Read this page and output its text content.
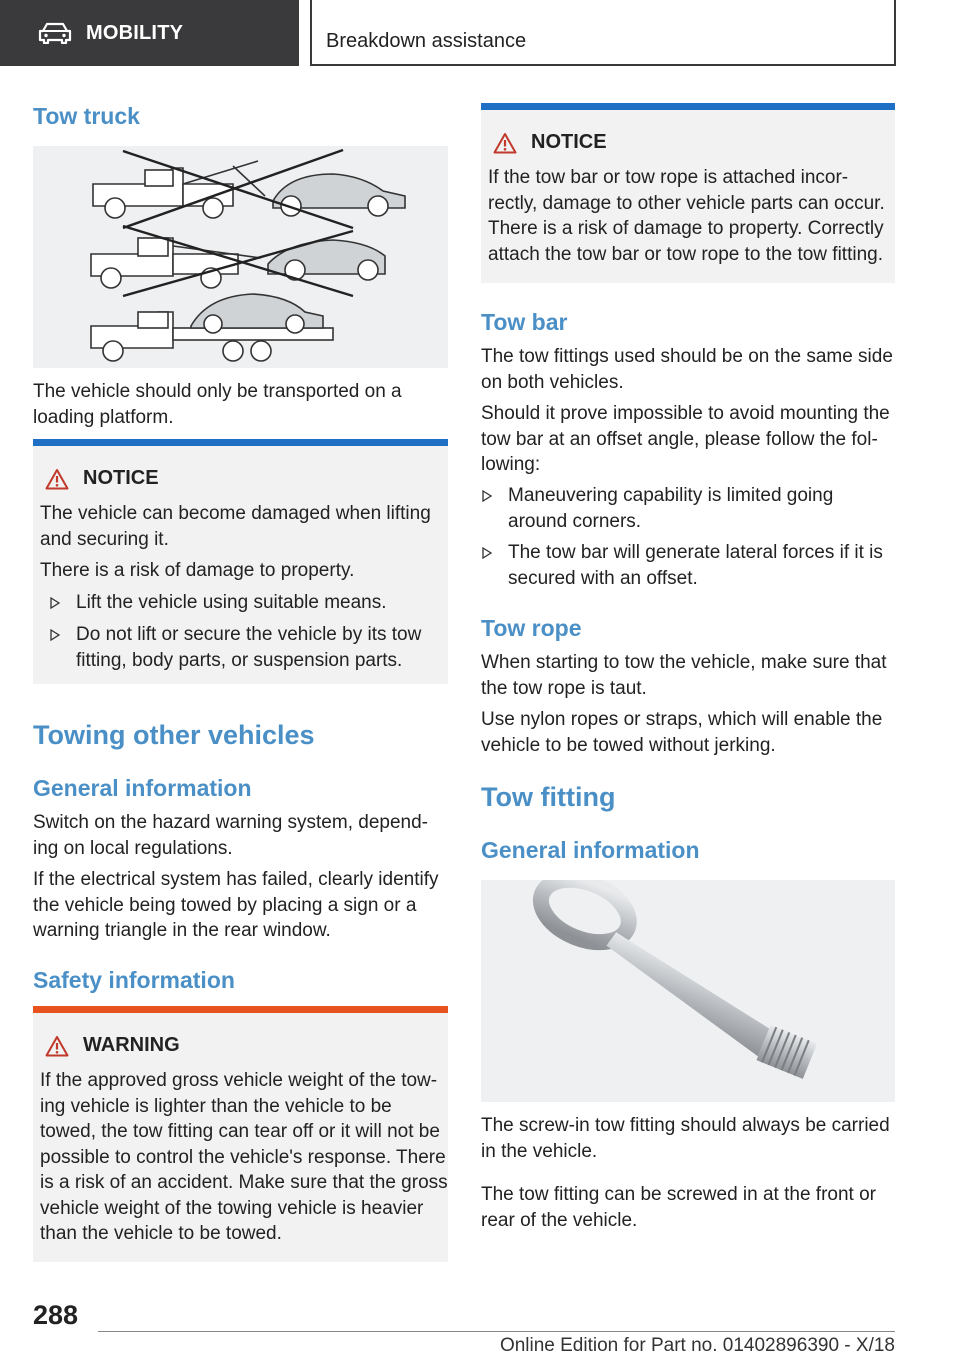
MOBILITY	Breakdown assistance
Tow truck
The vehicle should only be transported on a loading platform.
NOTICE
The vehicle can become damaged when lifting and securing it.
There is a risk of damage to property.
Lift the vehicle using suitable means.
Do not lift or secure the vehicle by its tow fitting, body parts, or suspension parts.
Towing other vehicles
General information
Switch on the hazard warning system, depend-ing on local regulations.
If the electrical system has failed, clearly identify the vehicle being towed by placing a sign or a warning triangle in the rear window.
Safety information
WARNING
If the approved gross vehicle weight of the tow-ing vehicle is lighter than the vehicle to be towed, the tow fitting can tear off or it will not be possible to control the vehicle's response. There is a risk of an accident. Make sure that the gross vehicle weight of the towing vehicle is heavier than the vehicle to be towed.
NOTICE
If the tow bar or tow rope is attached incor-rectly, damage to other vehicle parts can occur. There is a risk of damage to property. Correctly attach the tow bar or tow rope to the tow fitting.
Tow bar
The tow fittings used should be on the same side on both vehicles.
Should it prove impossible to avoid mounting the tow bar at an offset angle, please follow the fol-lowing:
Maneuvering capability is limited going around corners.
The tow bar will generate lateral forces if it is secured with an offset.
Tow rope
When starting to tow the vehicle, make sure that the tow rope is taut.
Use nylon ropes or straps, which will enable the vehicle to be towed without jerking.
Tow fitting
General information
The screw-in tow fitting should always be carried in the vehicle.
The tow fitting can be screwed in at the front or rear of the vehicle.
288
Online Edition for Part no. 01402896390 - X/18
